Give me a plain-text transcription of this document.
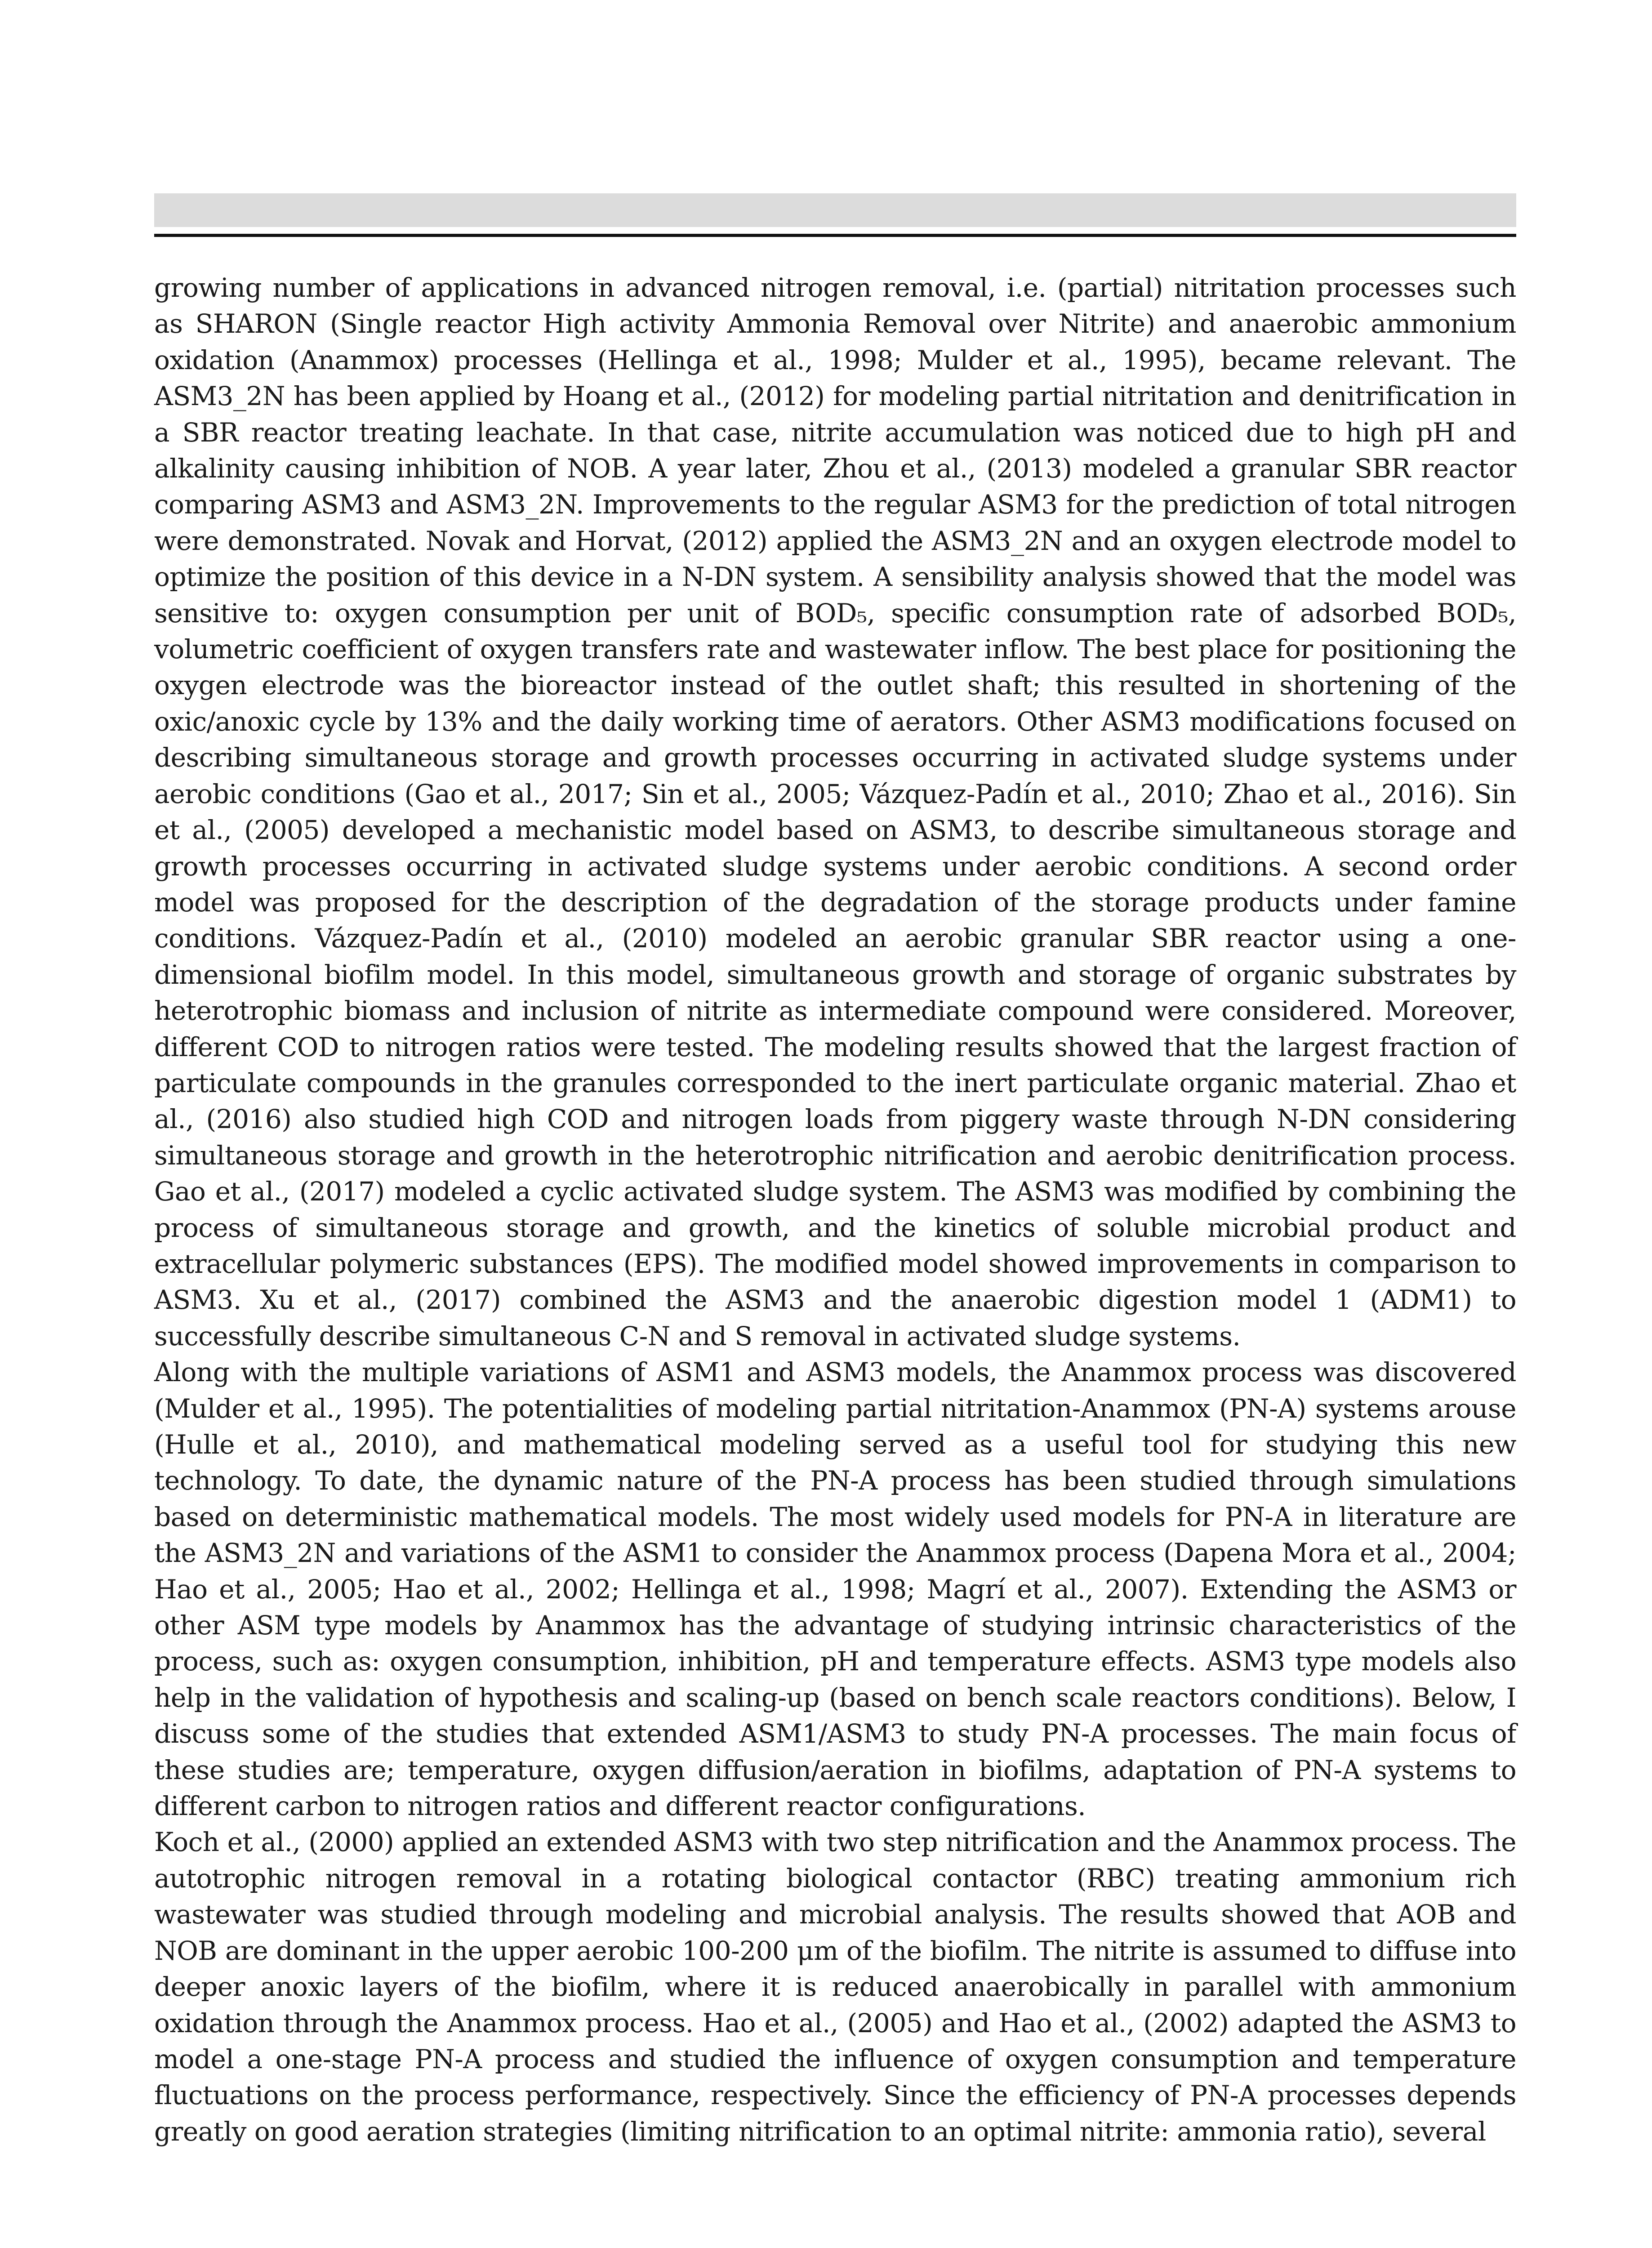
growing number of applications in advanced nitrogen removal, i.e. (partial) nitritation processes such as SHARON (Single reactor High activity Ammonia Removal over Nitrite) and anaerobic ammonium oxidation (Anammox) processes (Hellinga et al., 1998; Mulder et al., 1995), became relevant. The ASM3_2N has been applied by Hoang et al., (2012) for modeling partial nitritation and denitrification in a SBR reactor treating leachate. In that case, nitrite accumulation was noticed due to high pH and alkalinity causing inhibition of NOB. A year later, Zhou et al., (2013) modeled a granular SBR reactor comparing ASM3 and ASM3_2N. Improvements to the regular ASM3 for the prediction of total nitrogen were demonstrated. Novak and Horvat, (2012) applied the ASM3_2N and an oxygen electrode model to optimize the position of this device in a N-DN system. A sensibility analysis showed that the model was sensitive to: oxygen consumption per unit of BOD₅, specific consumption rate of adsorbed BOD₅, volumetric coefficient of oxygen transfers rate and wastewater inflow. The best place for positioning the oxygen electrode was the bioreactor instead of the outlet shaft; this resulted in shortening of the oxic/anoxic cycle by 13% and the daily working time of aerators. Other ASM3 modifications focused on describing simultaneous storage and growth processes occurring in activated sludge systems under aerobic conditions (Gao et al., 2017; Sin et al., 2005; Vázquez-Padín et al., 2010; Zhao et al., 2016). Sin et al., (2005) developed a mechanistic model based on ASM3, to describe simultaneous storage and growth processes occurring in activated sludge systems under aerobic conditions. A second order model was proposed for the description of the degradation of the storage products under famine conditions. Vázquez-Padín et al., (2010) modeled an aerobic granular SBR reactor using a one-dimensional biofilm model. In this model, simultaneous growth and storage of organic substrates by heterotrophic biomass and inclusion of nitrite as intermediate compound were considered. Moreover, different COD to nitrogen ratios were tested. The modeling results showed that the largest fraction of particulate compounds in the granules corresponded to the inert particulate organic material. Zhao et al., (2016) also studied high COD and nitrogen loads from piggery waste through N-DN considering simultaneous storage and growth in the heterotrophic nitrification and aerobic denitrification process. Gao et al., (2017) modeled a cyclic activated sludge system. The ASM3 was modified by combining the process of simultaneous storage and growth, and the kinetics of soluble microbial product and extracellular polymeric substances (EPS). The modified model showed improvements in comparison to ASM3. Xu et al., (2017) combined the ASM3 and the anaerobic digestion model 1 (ADM1) to successfully describe simultaneous C-N and S removal in activated sludge systems.

Along with the multiple variations of ASM1 and ASM3 models, the Anammox process was discovered (Mulder et al., 1995). The potentialities of modeling partial nitritation-Anammox (PN-A) systems arouse (Hulle et al., 2010), and mathematical modeling served as a useful tool for studying this new technology. To date, the dynamic nature of the PN-A process has been studied through simulations based on deterministic mathematical models. The most widely used models for PN-A in literature are the ASM3_2N and variations of the ASM1 to consider the Anammox process (Dapena Mora et al., 2004; Hao et al., 2005; Hao et al., 2002; Hellinga et al., 1998; Magrí et al., 2007). Extending the ASM3 or other ASM type models by Anammox has the advantage of studying intrinsic characteristics of the process, such as: oxygen consumption, inhibition, pH and temperature effects. ASM3 type models also help in the validation of hypothesis and scaling-up (based on bench scale reactors conditions). Below, I discuss some of the studies that extended ASM1/ASM3 to study PN-A processes. The main focus of these studies are; temperature, oxygen diffusion/aeration in biofilms, adaptation of PN-A systems to different carbon to nitrogen ratios and different reactor configurations.

Koch et al., (2000) applied an extended ASM3 with two step nitrification and the Anammox process. The autotrophic nitrogen removal in a rotating biological contactor (RBC) treating ammonium rich wastewater was studied through modeling and microbial analysis. The results showed that AOB and NOB are dominant in the upper aerobic 100-200 μm of the biofilm. The nitrite is assumed to diffuse into deeper anoxic layers of the biofilm, where it is reduced anaerobically in parallel with ammonium oxidation through the Anammox process. Hao et al., (2005) and Hao et al., (2002) adapted the ASM3 to model a one-stage PN-A process and studied the influence of oxygen consumption and temperature fluctuations on the process performance, respectively. Since the efficiency of PN-A processes depends greatly on good aeration strategies (limiting nitrification to an optimal nitrite: ammonia ratio), several
